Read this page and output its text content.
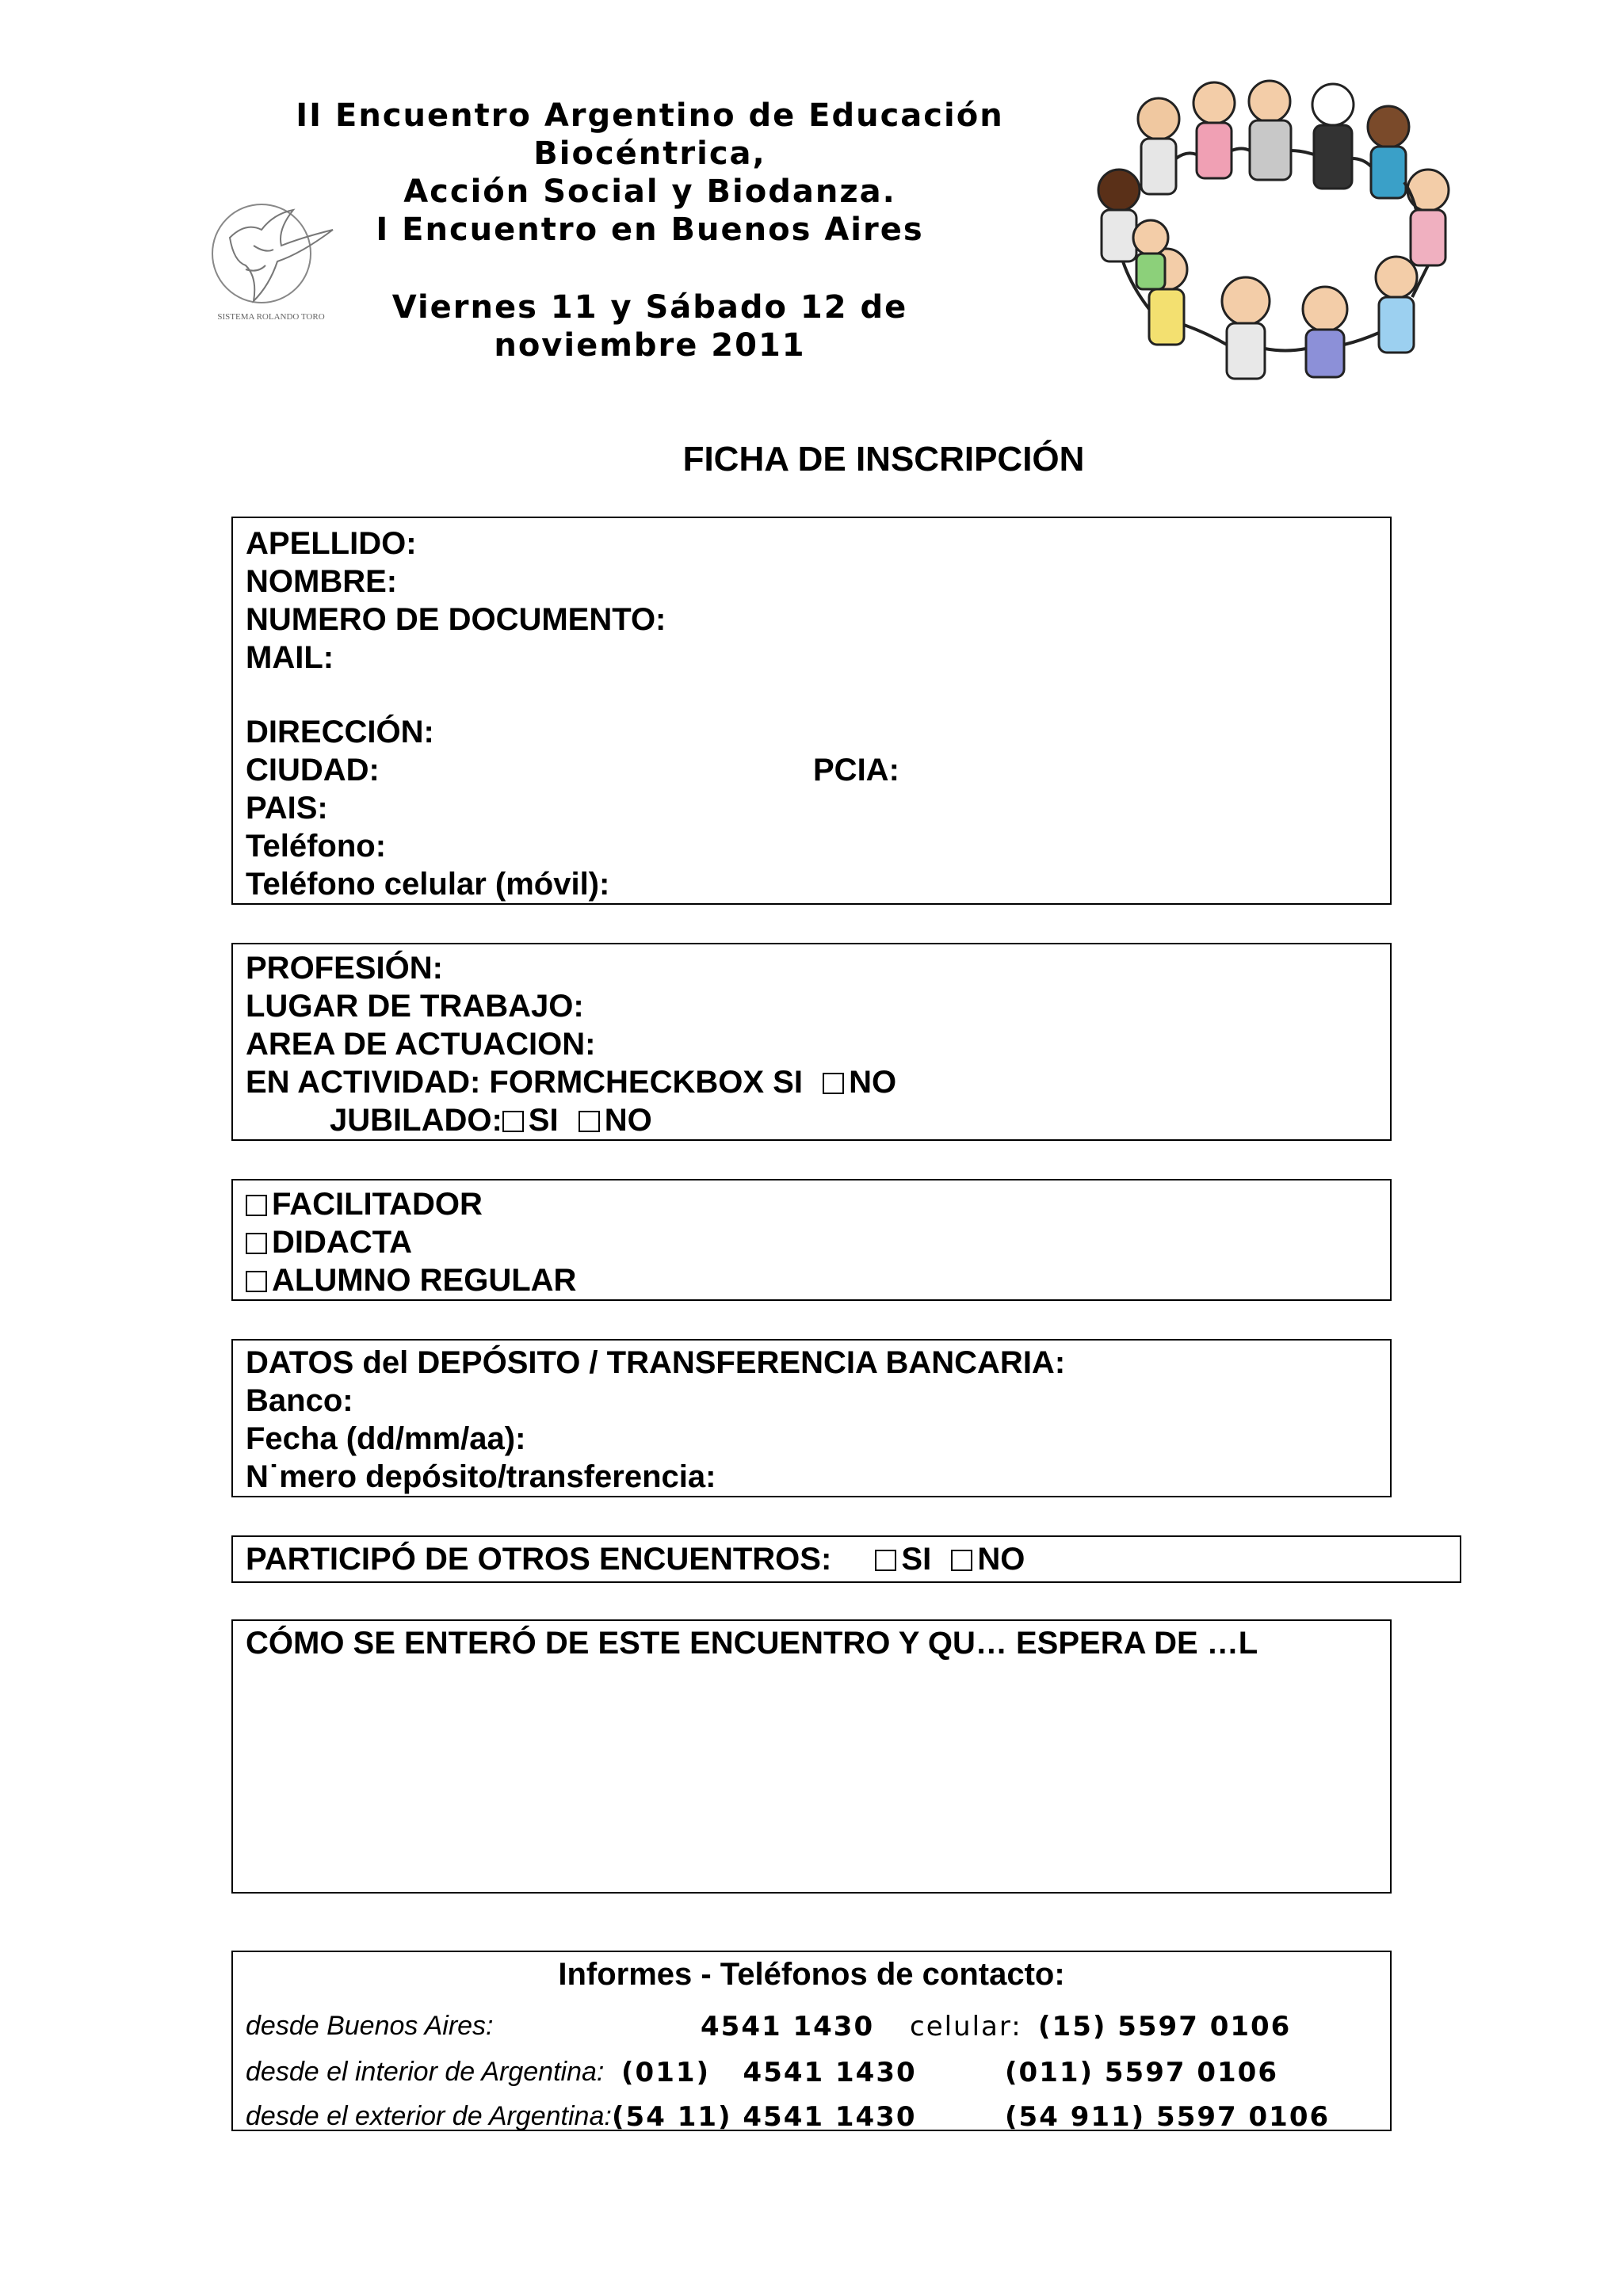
II Encuentro Argentino de Educación
Biocéntrica,
Acción Social y Biodanza.
I Encuentro en Buenos Aires
Viernes 11 y Sábado 12 de
noviembre 2011
SISTEMA ROLANDO TORO
FICHA DE INSCRIPCIÓN
APELLIDO:
NOMBRE:
NUMERO DE DOCUMENTO:
MAIL:
DIRECCIÓN:
CIUDAD:	PCIA:
PAIS:
Teléfono:
Teléfono celular (móvil):
PROFESIÓN:
LUGAR DE TRABAJO:
AREA DE ACTUACION:
EN ACTIVIDAD: FORMCHECKBOX SI NO
JUBILADO: SI NO
FACILITADOR
DIDACTA
ALUMNO REGULAR
DATOS del DEPÓSITO / TRANSFERENCIA BANCARIA:
Banco:
Fecha (dd/mm/aa):
N˙mero depósito/transferencia:
PARTICIPÓ DE OTROS ENCUENTROS: SI NO
CÓMO SE ENTERÓ DE ESTE ENCUENTRO Y QU… ESPERA DE …L
Informes - Teléfonos de contacto:
desde Buenos Aires:	4541 1430 celular: (15) 5597 0106
desde el interior de Argentina: (011)   4541 1430	(011) 5597 0106
desde el exterior de Argentina: (54 11) 4541 1430	(54 911) 5597 0106
